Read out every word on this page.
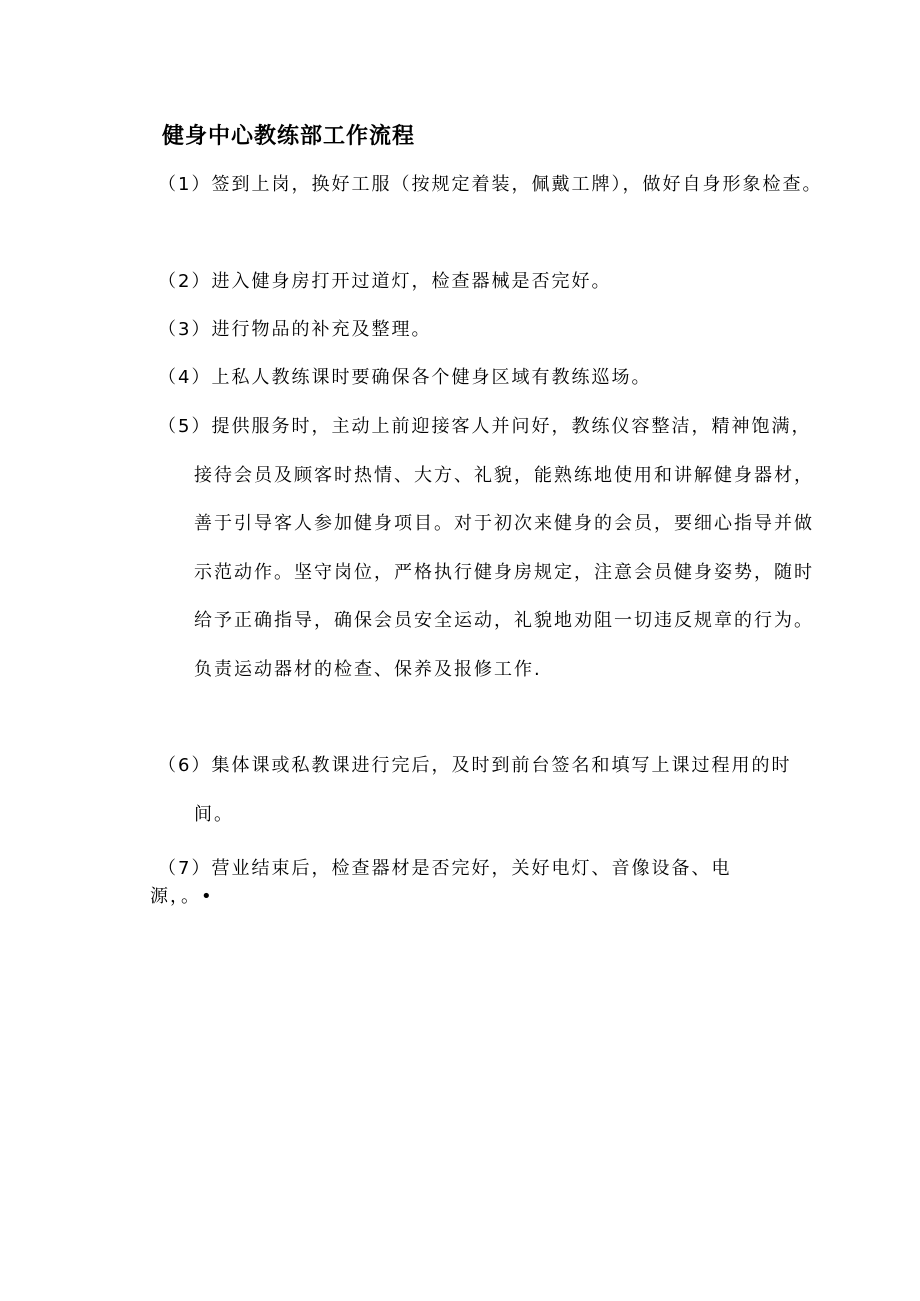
健身中心教练部工作流程
（1）签到上岗，换好工服（按规定着装，佩戴工牌），做好自身形象检查。
（2）进入健身房打开过道灯，检查器械是否完好。
（3）进行物品的补充及整理。
（4）上私人教练课时要确保各个健身区域有教练巡场。
（5）提供服务时，主动上前迎接客人并问好，教练仪容整洁，精神饱满，接待会员及顾客时热情、大方、礼貌，能熟练地使用和讲解健身器材，善于引导客人参加健身项目。对于初次来健身的会员，要细心指导并做示范动作。坚守岗位，严格执行健身房规定，注意会员健身姿势，随时给予正确指导，确保会员安全运动，礼貌地劝阻一切违反规章的行为。负责运动器材的检查、保养及报修工作.
（6）集体课或私教课进行完后，及时到前台签名和填写上课过程用的时间。
（7）营业结束后，检查器材是否完好，关好电灯、音像设备、电
源，。•
